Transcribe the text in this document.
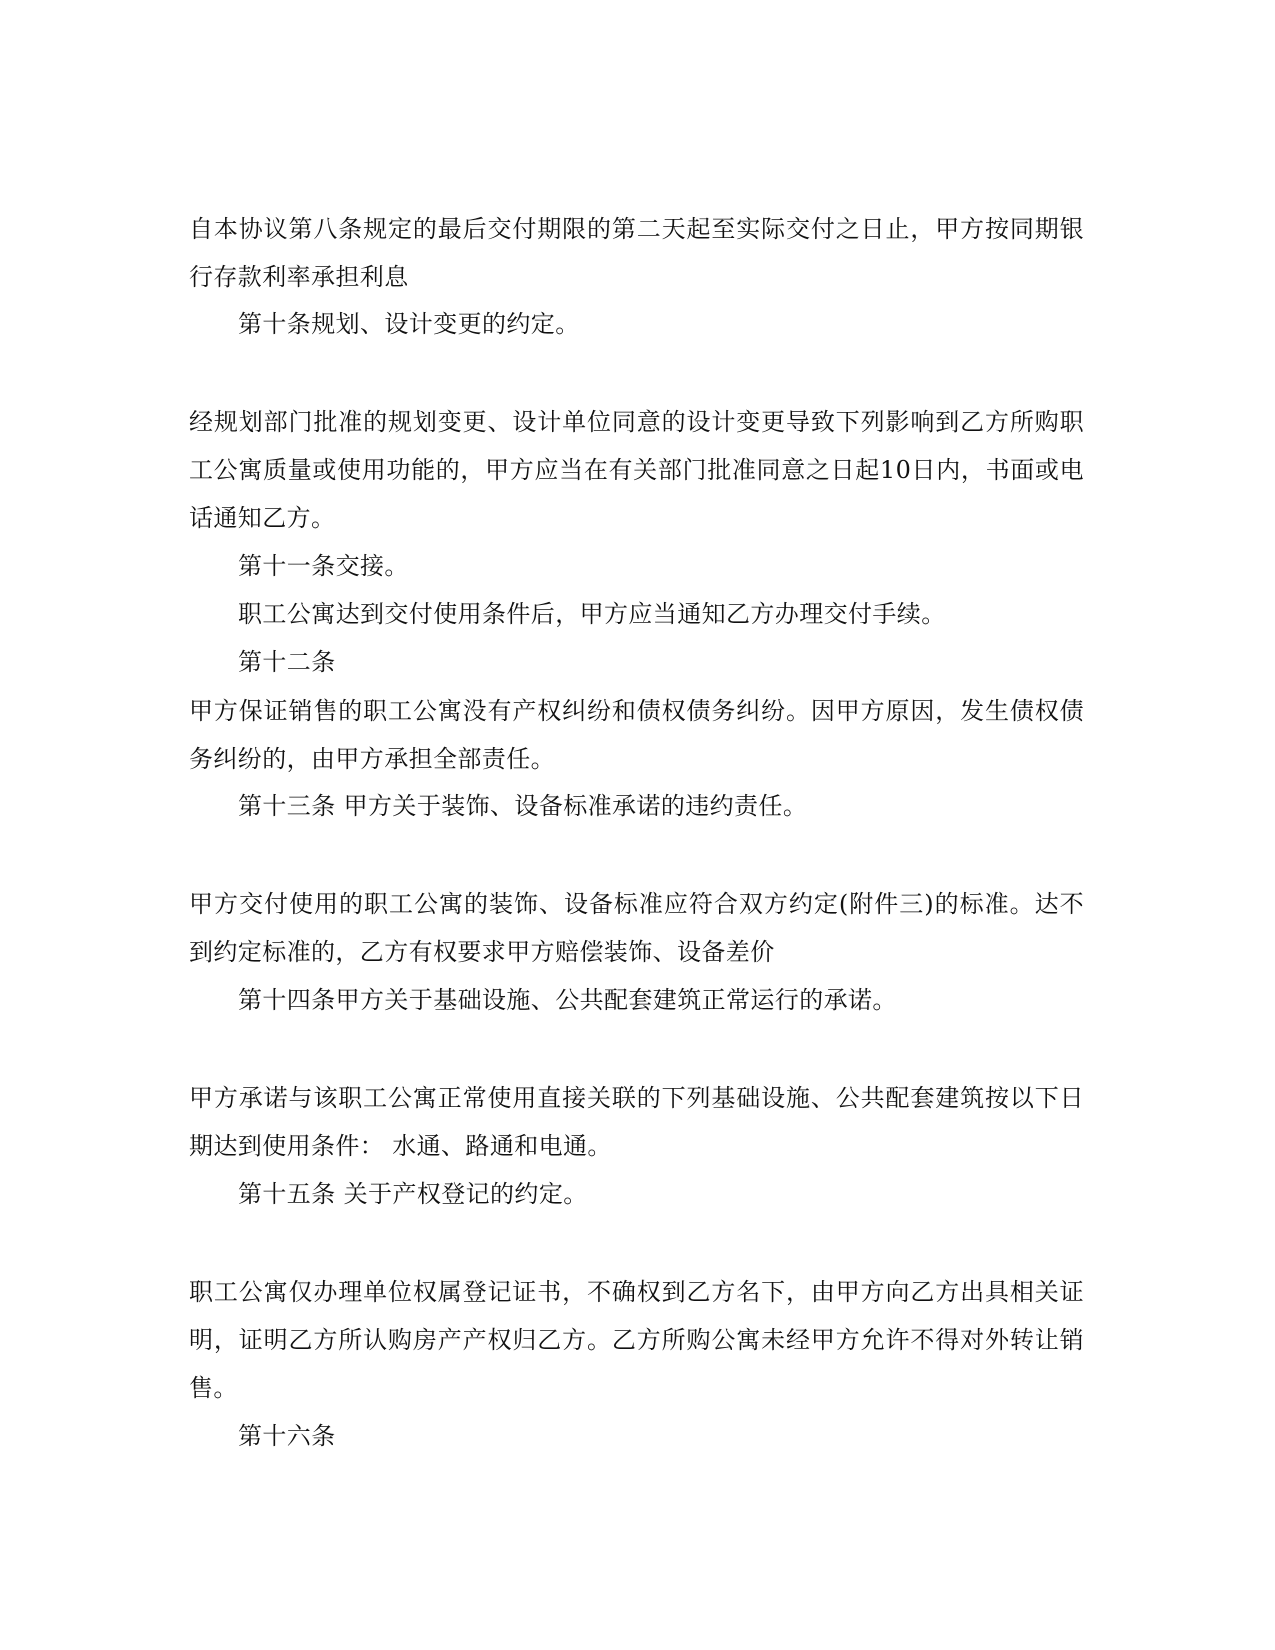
自本协议第八条规定的最后交付期限的第二天起至实际交付之日止，甲方按同期银
行存款利率承担利息
第十条规划、设计变更的约定。
经规划部门批准的规划变更、设计单位同意的设计变更导致下列影响到乙方所购职
工公寓质量或使用功能的，甲方应当在有关部门批准同意之日起10日内，书面或电
话通知乙方。
第十一条交接。
职工公寓达到交付使用条件后，甲方应当通知乙方办理交付手续。
第十二条
甲方保证销售的职工公寓没有产权纠纷和债权债务纠纷。因甲方原因，发生债权债
务纠纷的，由甲方承担全部责任。
第十三条 甲方关于装饰、设备标准承诺的违约责任。
甲方交付使用的职工公寓的装饰、设备标准应符合双方约定(附件三)的标准。达不
到约定标准的，乙方有权要求甲方赔偿装饰、设备差价
第十四条甲方关于基础设施、公共配套建筑正常运行的承诺。
甲方承诺与该职工公寓正常使用直接关联的下列基础设施、公共配套建筑按以下日
期达到使用条件： 水通、路通和电通。
第十五条 关于产权登记的约定。
职工公寓仅办理单位权属登记证书，不确权到乙方名下，由甲方向乙方出具相关证
明，证明乙方所认购房产产权归乙方。乙方所购公寓未经甲方允许不得对外转让销
售。
第十六条
